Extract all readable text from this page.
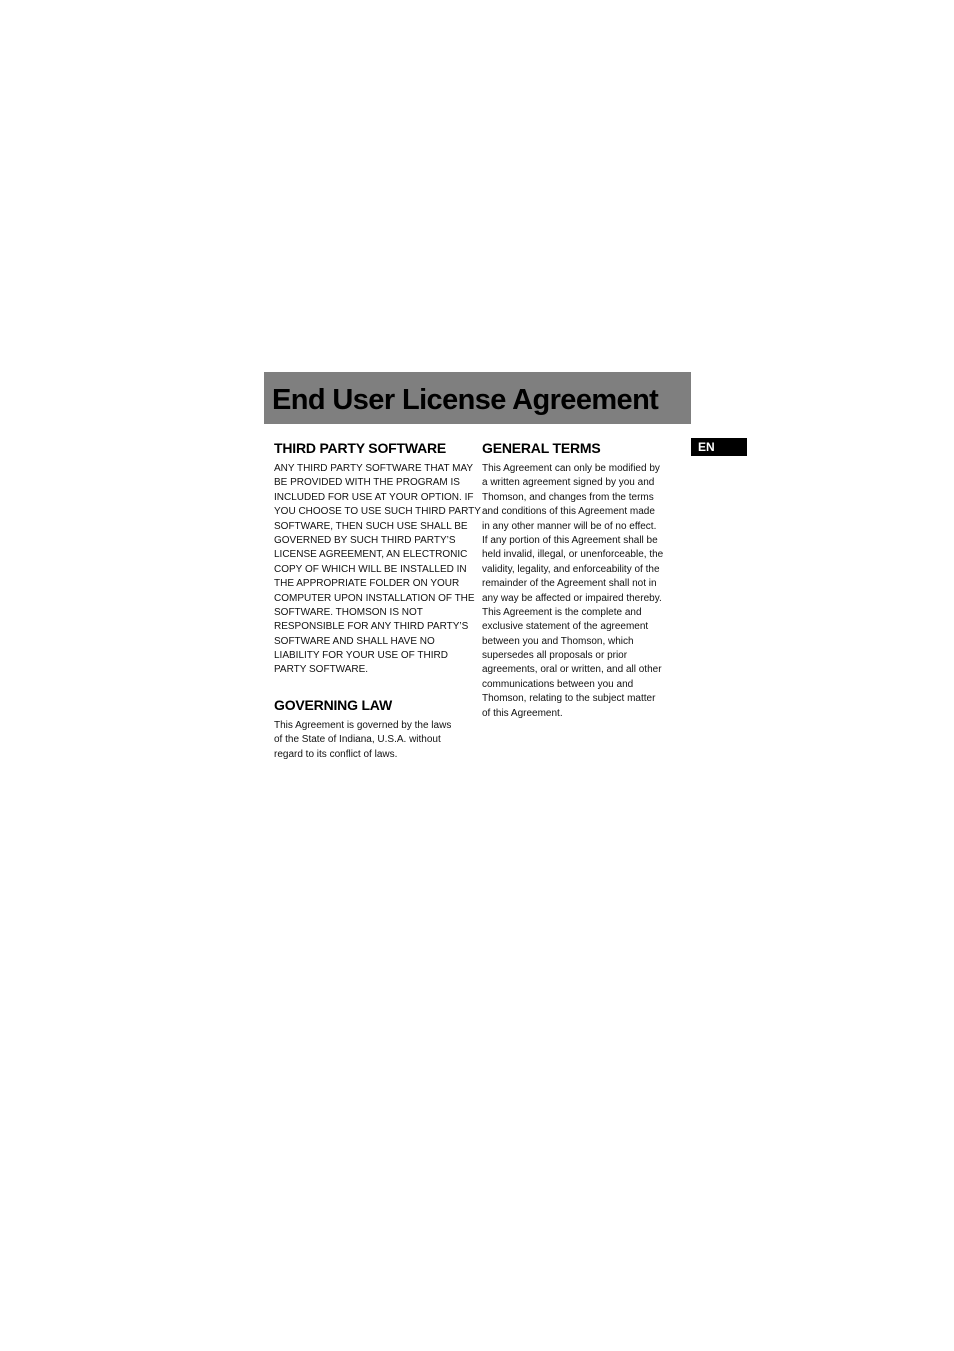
End User License Agreement
EN
THIRD PARTY SOFTWARE
ANY THIRD PARTY SOFTWARE THAT MAY
BE PROVIDED WITH THE PROGRAM IS
INCLUDED FOR USE AT YOUR OPTION. IF
YOU CHOOSE TO USE SUCH THIRD PARTY
SOFTWARE, THEN SUCH USE SHALL BE
GOVERNED BY SUCH THIRD PARTY’S
LICENSE AGREEMENT, AN ELECTRONIC
COPY OF WHICH WILL BE INSTALLED IN
THE APPROPRIATE FOLDER ON YOUR
COMPUTER UPON INSTALLATION OF THE
SOFTWARE. THOMSON IS NOT
RESPONSIBLE FOR ANY THIRD PARTY’S
SOFTWARE AND SHALL HAVE NO
LIABILITY FOR YOUR USE OF THIRD
PARTY SOFTWARE.
GOVERNING LAW
This Agreement is governed by the laws
of the State of Indiana, U.S.A. without
regard to its conflict of laws.
GENERAL TERMS
This Agreement can only be modified by
a written agreement signed by you and
Thomson, and changes from the terms
and conditions of this Agreement made
in any other manner will be of no effect.
If any portion of this Agreement shall be
held invalid, illegal, or unenforceable, the
validity, legality, and enforceability of the
remainder of the Agreement shall not in
any way be affected or impaired thereby.
This Agreement is the complete and
exclusive statement of the agreement
between you and Thomson, which
supersedes all proposals or prior
agreements, oral or written, and all other
communications between you and
Thomson, relating to the subject matter
of this Agreement.
